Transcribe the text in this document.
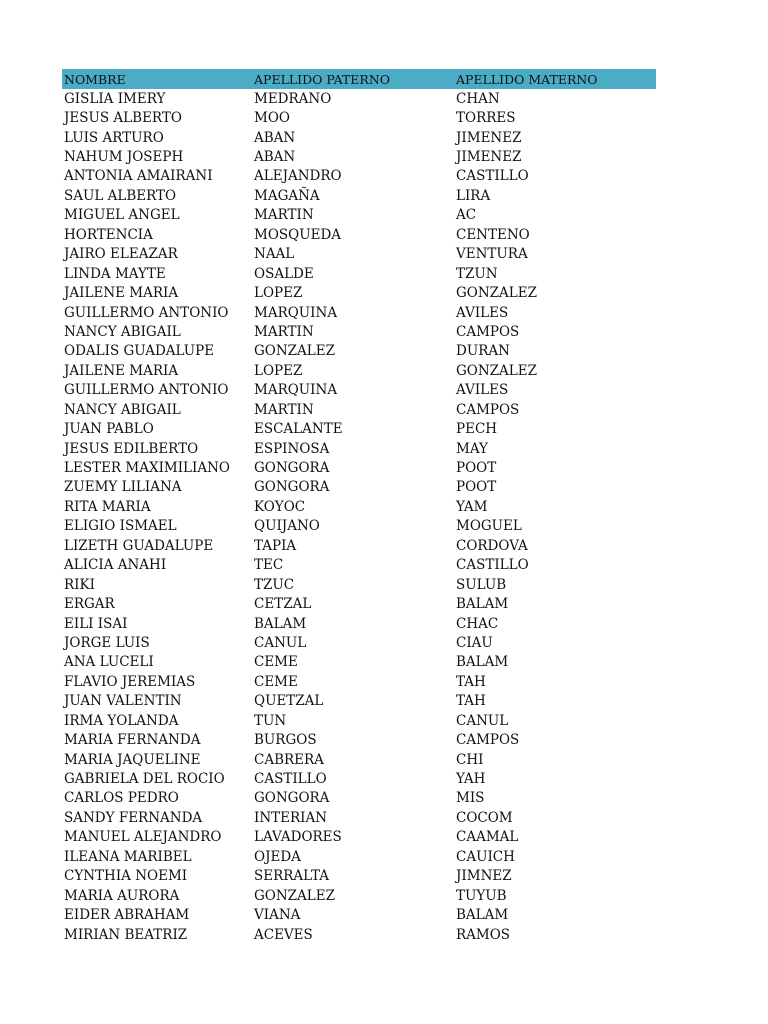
NOMBRE	APELLIDO PATERNO	APELLIDO MATERNO
GISLIA IMERY	MEDRANO	CHAN
JESUS ALBERTO	MOO	TORRES
LUIS ARTURO	ABAN	JIMENEZ
NAHUM JOSEPH	ABAN	JIMENEZ
ANTONIA AMAIRANI	ALEJANDRO	CASTILLO
SAUL ALBERTO	MAGAÑA	LIRA
MIGUEL ANGEL	MARTIN	AC
HORTENCIA	MOSQUEDA	CENTENO
JAIRO ELEAZAR	NAAL	VENTURA
LINDA MAYTE	OSALDE	TZUN
JAILENE MARIA	LOPEZ	GONZALEZ
GUILLERMO ANTONIO	MARQUINA	AVILES
NANCY ABIGAIL	MARTIN	CAMPOS
ODALIS GUADALUPE	GONZALEZ	DURAN
JAILENE MARIA	LOPEZ	GONZALEZ
GUILLERMO ANTONIO	MARQUINA	AVILES
NANCY ABIGAIL	MARTIN	CAMPOS
JUAN PABLO	ESCALANTE	PECH
JESUS EDILBERTO	ESPINOSA	MAY
LESTER MAXIMILIANO	GONGORA	POOT
ZUEMY LILIANA	GONGORA	POOT
RITA MARIA	KOYOC	YAM
ELIGIO ISMAEL	QUIJANO	MOGUEL
LIZETH GUADALUPE	TAPIA	CORDOVA
ALICIA ANAHI	TEC	CASTILLO
RIKI	TZUC	SULUB
ERGAR	CETZAL	BALAM
EILI ISAI	BALAM	CHAC
JORGE LUIS	CANUL	CIAU
ANA LUCELI	CEME	BALAM
FLAVIO JEREMIAS	CEME	TAH
JUAN VALENTIN	QUETZAL	TAH
IRMA YOLANDA	TUN	CANUL
MARIA FERNANDA	BURGOS	CAMPOS
MARIA JAQUELINE	CABRERA	CHI
GABRIELA DEL ROCIO	CASTILLO	YAH
CARLOS PEDRO	GONGORA	MIS
SANDY FERNANDA	INTERIAN	COCOM
MANUEL ALEJANDRO	LAVADORES	CAAMAL
ILEANA MARIBEL	OJEDA	CAUICH
CYNTHIA NOEMI	SERRALTA	JIMNEZ
MARIA AURORA	GONZALEZ	TUYUB
EIDER ABRAHAM	VIANA	BALAM
MIRIAN BEATRIZ	ACEVES	RAMOS
